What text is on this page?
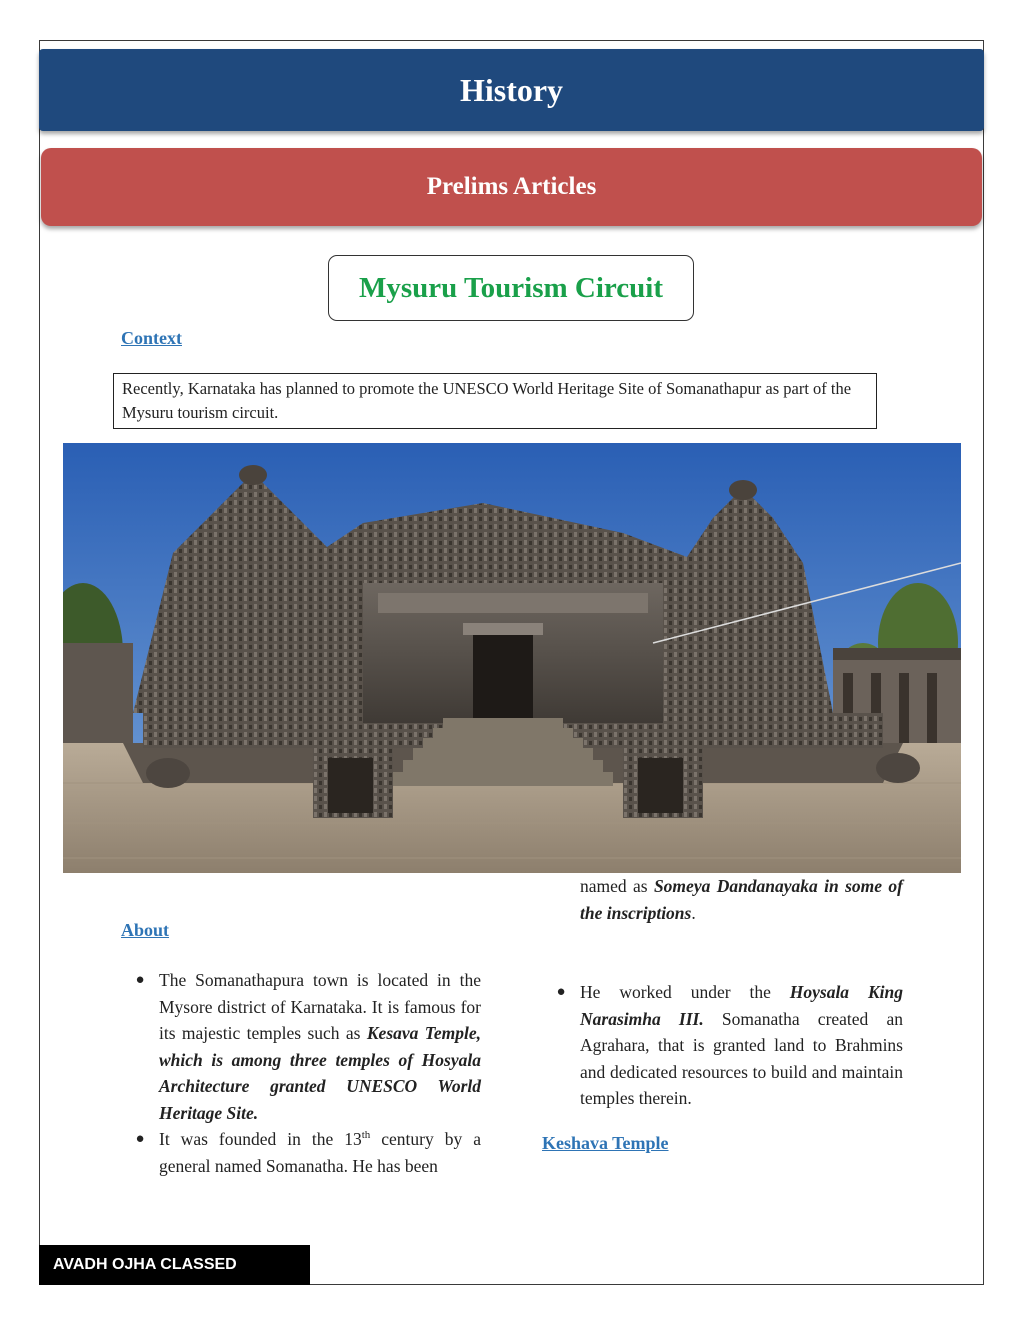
History
Prelims Articles
Mysuru Tourism Circuit
Context
Recently, Karnataka has planned to promote the UNESCO World Heritage Site of Somanathapur as part of the Mysuru tourism circuit.
About
● The Somanathapura town is located in the Mysore district of Karnataka. It is famous for its majestic temples such as Kesava Temple, which is among three temples of Hosyala Architecture granted UNESCO World Heritage Site.
● It was founded in the 13th century by a general named Somanatha. He has been
named as Someya Dandanayaka in some of the inscriptions.
● He worked under the Hoysala King Narasimha III. Somanatha created an Agrahara, that is granted land to Brahmins and dedicated resources to build and maintain temples therein.
Keshava Temple
AVADH OJHA CLASSED
